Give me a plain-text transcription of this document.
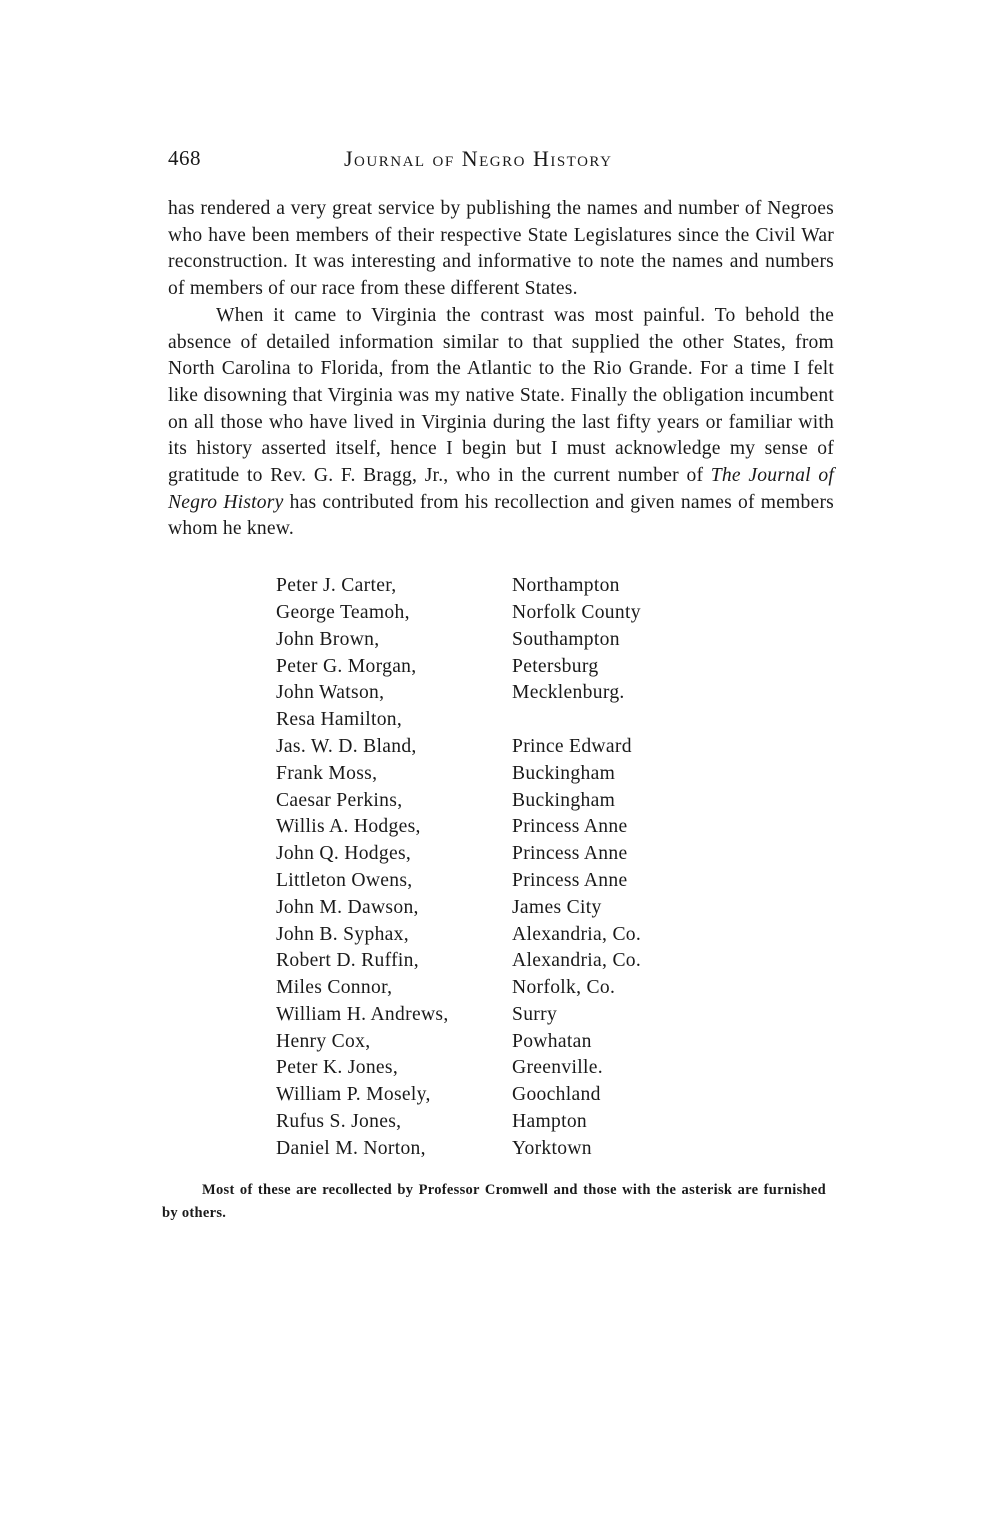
468	Journal of Negro History

has rendered a very great service by publishing the names and number of Negroes who have been members of their respective State Legislatures since the Civil War reconstruction. It was interesting and informative to note the names and numbers of members of our race from these different States.

When it came to Virginia the contrast was most painful. To behold the absence of detailed information similar to that supplied the other States, from North Carolina to Florida, from the Atlantic to the Rio Grande. For a time I felt like disowning that Virginia was my native State. Finally the obligation incumbent on all those who have lived in Virginia during the last fifty years or familiar with its history asserted itself, hence I begin but I must acknowledge my sense of gratitude to Rev. G. F. Bragg, Jr., who in the current number of The Journal of Negro History has contributed from his recollection and given names of members whom he knew.

Peter J. Carter,	Northampton
George Teamoh,	Norfolk County
John Brown,	Southampton
Peter G. Morgan,	Petersburg
John Watson,	Mecklenburg.
Resa Hamilton,
Jas. W. D. Bland,	Prince Edward
Frank Moss,	Buckingham
Caesar Perkins,	Buckingham
Willis A. Hodges,	Princess Anne
John Q. Hodges,	Princess Anne
Littleton Owens,	Princess Anne
John M. Dawson,	James City
John B. Syphax,	Alexandria, Co.
Robert D. Ruffin,	Alexandria, Co.
Miles Connor,	Norfolk, Co.
William H. Andrews,	Surry
Henry Cox,	Powhatan
Peter K. Jones,	Greenville.
William P. Mosely,	Goochland
Rufus S. Jones,	Hampton
Daniel M. Norton,	Yorktown
Most of these are recollected by Professor Cromwell and those with the asterisk are furnished by others.
